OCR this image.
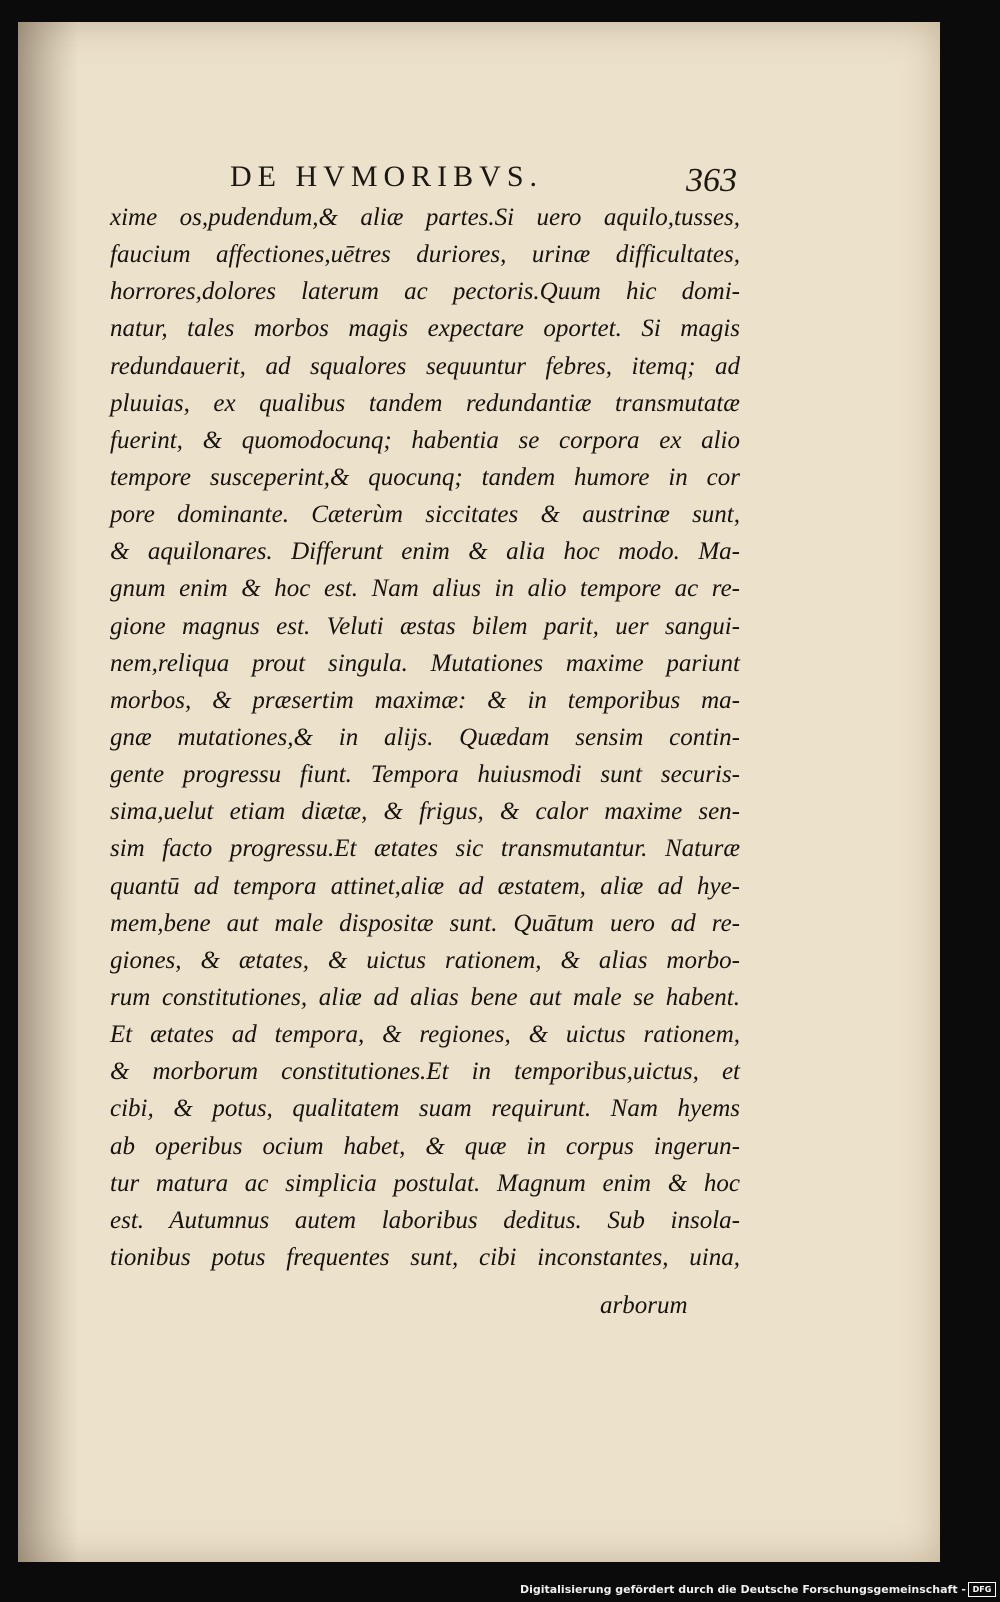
DE HVMORIBVS.	363
xime os,pudendum,& aliæ partes.Si uero aquilo,tusses,
faucium affectiones,uētres duriores, urinæ difficultates,
horrores,dolores laterum ac pectoris.Quum hic domi-
natur, tales morbos magis expectare oportet. Si magis
redundauerit, ad squalores sequuntur febres, itemq; ad
pluuias, ex qualibus tandem redundantiæ transmutatæ
fuerint, & quomodocunq; habentia se corpora ex alio
tempore susceperint,& quocunq; tandem humore in cor
pore dominante. Cæterùm siccitates & austrinæ sunt,
& aquilonares. Differunt enim & alia hoc modo. Ma-
gnum enim & hoc est. Nam alius in alio tempore ac re-
gione magnus est. Veluti æstas bilem parit, uer sangui-
nem,reliqua prout singula. Mutationes maxime pariunt
morbos, & præsertim maximæ: & in temporibus ma-
gnæ mutationes,& in alijs. Quædam sensim contin-
gente progressu fiunt. Tempora huiusmodi sunt securis-
sima,uelut etiam diætæ, & frigus, & calor maxime sen-
sim facto progressu.Et ætates sic transmutantur. Naturæ
quantū ad tempora attinet,aliæ ad æstatem, aliæ ad hye-
mem,bene aut male dispositæ sunt. Quātum uero ad re-
giones, & ætates, & uictus rationem, & alias morbo-
rum constitutiones, aliæ ad alias bene aut male se habent.
Et ætates ad tempora, & regiones, & uictus rationem,
& morborum constitutiones.Et in temporibus,uictus, et
cibi, & potus, qualitatem suam requirunt. Nam hyems
ab operibus ocium habet, & quæ in corpus ingerun-
tur matura ac simplicia postulat. Magnum enim & hoc
est. Autumnus autem laboribus deditus. Sub insola-
tionibus potus frequentes sunt, cibi inconstantes, uina,
arborum
Digitalisierung gefördert durch die Deutsche Forschungsgemeinschaft - DFG
